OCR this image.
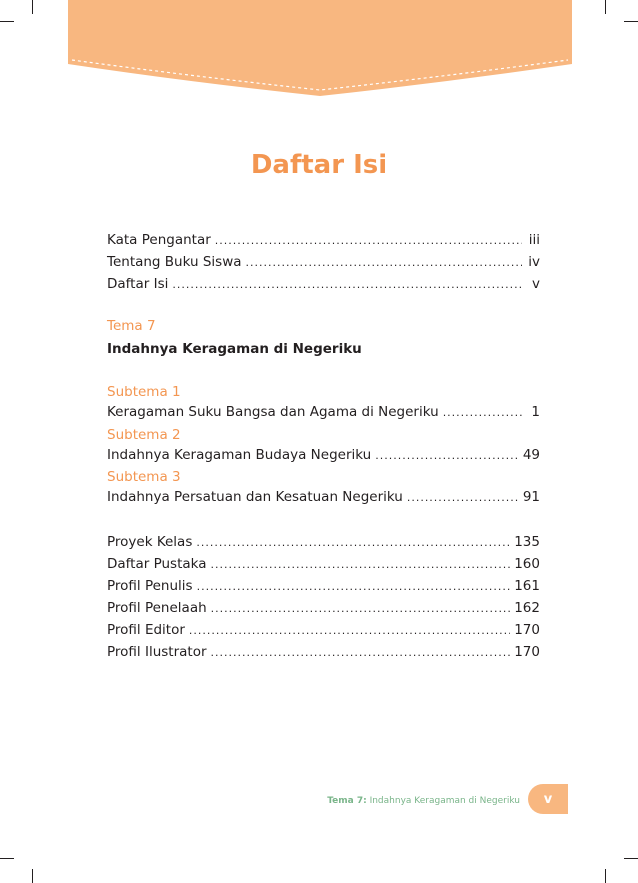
Daftar Isi
Kata Pengantar .....	iii
Tentang Buku Siswa .....	iv
Daftar Isi .....	v
Tema 7
Indahnya Keragaman di Negeriku
Subtema 1
Keragaman Suku Bangsa dan Agama di Negeriku .....	1
Subtema 2
Indahnya Keragaman Budaya Negeriku .....	49
Subtema 3
Indahnya Persatuan dan Kesatuan Negeriku .....	91
Proyek Kelas .....	135
Daftar Pustaka .....	160
Profil Penulis .....	161
Profil Penelaah .....	162
Profil Editor .....	170
Profil Ilustrator .....	170
Tema 7: Indahnya Keragaman di Negeriku v
